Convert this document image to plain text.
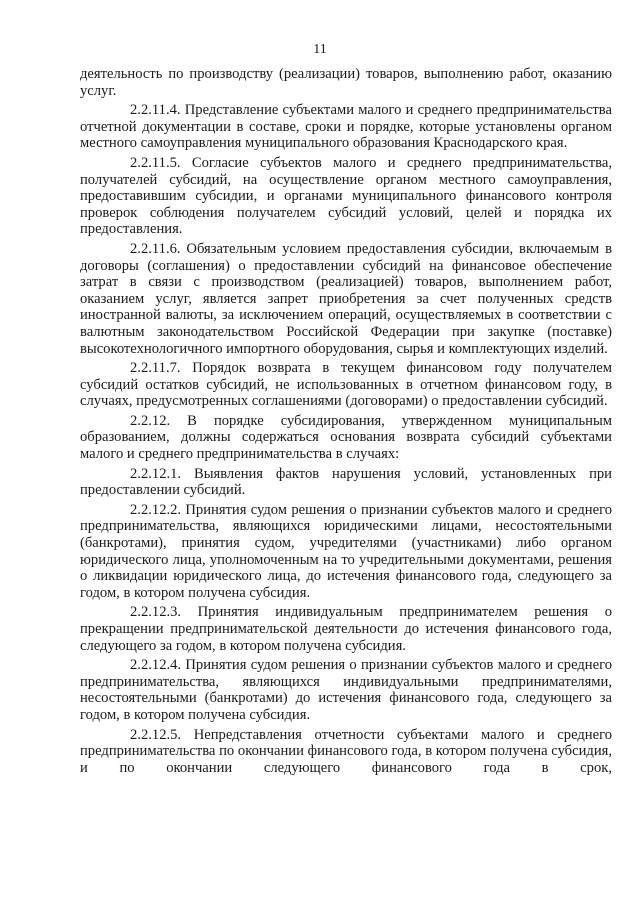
11

деятельность по производству (реализации) товаров, выполнению работ, оказанию услуг.

2.2.11.4. Представление субъектами малого и среднего предпринимательства отчетной документации в составе, сроки и порядке, которые установлены органом местного самоуправления муниципального образования Краснодарского края.

2.2.11.5. Согласие субъектов малого и среднего предпринимательства, получателей субсидий, на осуществление органом местного самоуправления, предоставившим субсидии, и органами муниципального финансового контроля проверок соблюдения получателем субсидий условий, целей и порядка их предоставления.

2.2.11.6. Обязательным условием предоставления субсидии, включаемым в договоры (соглашения) о предоставлении субсидий на финансовое обеспечение затрат в связи с производством (реализацией) товаров, выполнением работ, оказанием услуг, является запрет приобретения за счет полученных средств иностранной валюты, за исключением операций, осуществляемых в соответствии с валютным законодательством Российской Федерации при закупке (поставке) высокотехнологичного импортного оборудования, сырья и комплектующих изделий.

2.2.11.7. Порядок возврата в текущем финансовом году получателем субсидий остатков субсидий, не использованных в отчетном финансовом году, в случаях, предусмотренных соглашениями (договорами) о предоставлении субсидий.

2.2.12. В порядке субсидирования, утвержденном муниципальным образованием, должны содержаться основания возврата субсидий субъектами малого и среднего предпринимательства в случаях:

2.2.12.1. Выявления фактов нарушения условий, установленных при предоставлении субсидий.

2.2.12.2. Принятия судом решения о признании субъектов малого и среднего предпринимательства, являющихся юридическими лицами, несостоятельными (банкротами), принятия судом, учредителями (участниками) либо органом юридического лица, уполномоченным на то учредительными документами, решения о ликвидации юридического лица, до истечения финансового года, следующего за годом, в котором получена субсидия.

2.2.12.3. Принятия индивидуальным предпринимателем решения о прекращении предпринимательской деятельности до истечения финансового года, следующего за годом, в котором получена субсидия.

2.2.12.4. Принятия судом решения о признании субъектов малого и среднего предпринимательства, являющихся индивидуальными предпринимателями, несостоятельными (банкротами) до истечения финансового года, следующего за годом, в котором получена субсидия.

2.2.12.5. Непредставления отчетности субъектами малого и среднего предпринимательства по окончании финансового года, в котором получена субсидия, и по окончании следующего финансового года в срок,
